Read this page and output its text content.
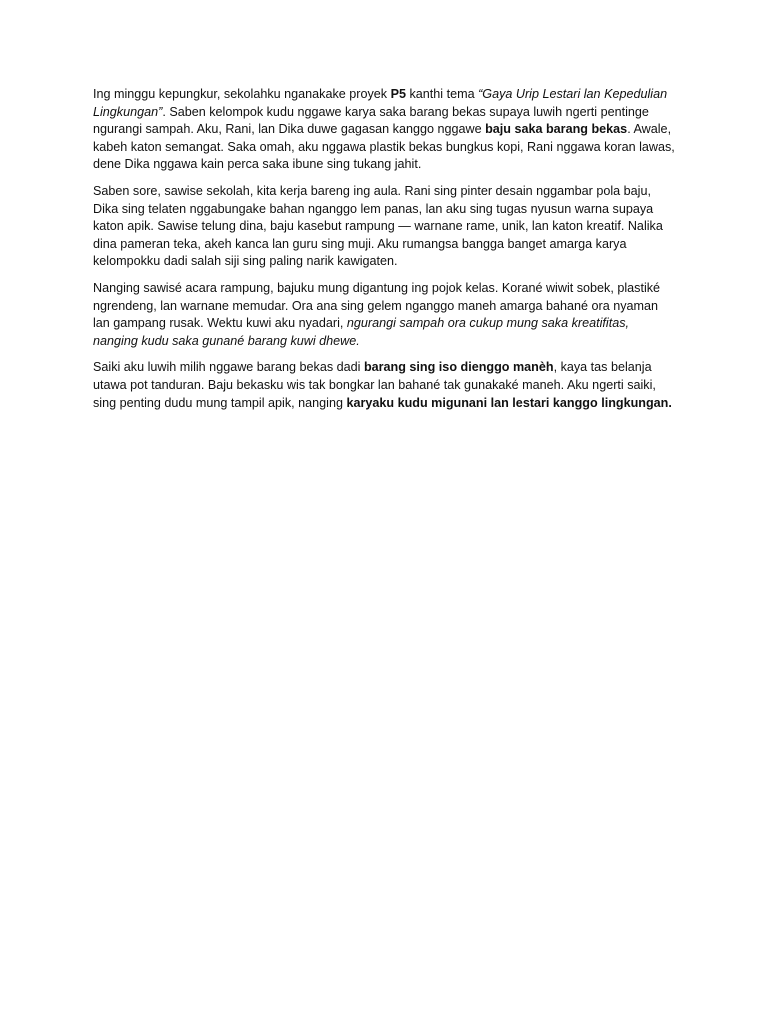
Ing minggu kepungkur, sekolahku nganakake proyek P5 kanthi tema “Gaya Urip Lestari lan Kepedulian Lingkungan”. Saben kelompok kudu nggawe karya saka barang bekas supaya luwih ngerti pentinge ngurangi sampah. Aku, Rani, lan Dika duwe gagasan kanggo nggawe baju saka barang bekas. Awale, kabeh katon semangat. Saka omah, aku nggawa plastik bekas bungkus kopi, Rani nggawa koran lawas, dene Dika nggawa kain perca saka ibune sing tukang jahit.

Saben sore, sawise sekolah, kita kerja bareng ing aula. Rani sing pinter desain nggambar pola baju, Dika sing telaten nggabungake bahan nganggo lem panas, lan aku sing tugas nyusun warna supaya katon apik. Sawise telung dina, baju kasebut rampung — warnane rame, unik, lan katon kreatif. Nalika dina pameran teka, akeh kanca lan guru sing muji. Aku rumangsa bangga banget amarga karya kelompokku dadi salah siji sing paling narik kawigaten.

Nanging sawisé acara rampung, bajuku mung digantung ing pojok kelas. Korané wiwit sobek, plastiké ngrendeng, lan warnane memudar. Ora ana sing gelem nganggo maneh amarga bahané ora nyaman lan gampang rusak. Wektu kuwi aku nyadari, ngurangi sampah ora cukup mung saka kreatifitas, nanging kudu saka gunané barang kuwi dhewe.

Saiki aku luwih milih nggawe barang bekas dadi barang sing iso dienggo manèh, kaya tas belanja utawa pot tanduran. Baju bekasku wis tak bongkar lan bahané tak gunakaké maneh. Aku ngerti saiki, sing penting dudu mung tampil apik, nanging karyaku kudu migunani lan lestari kanggo lingkungan.
